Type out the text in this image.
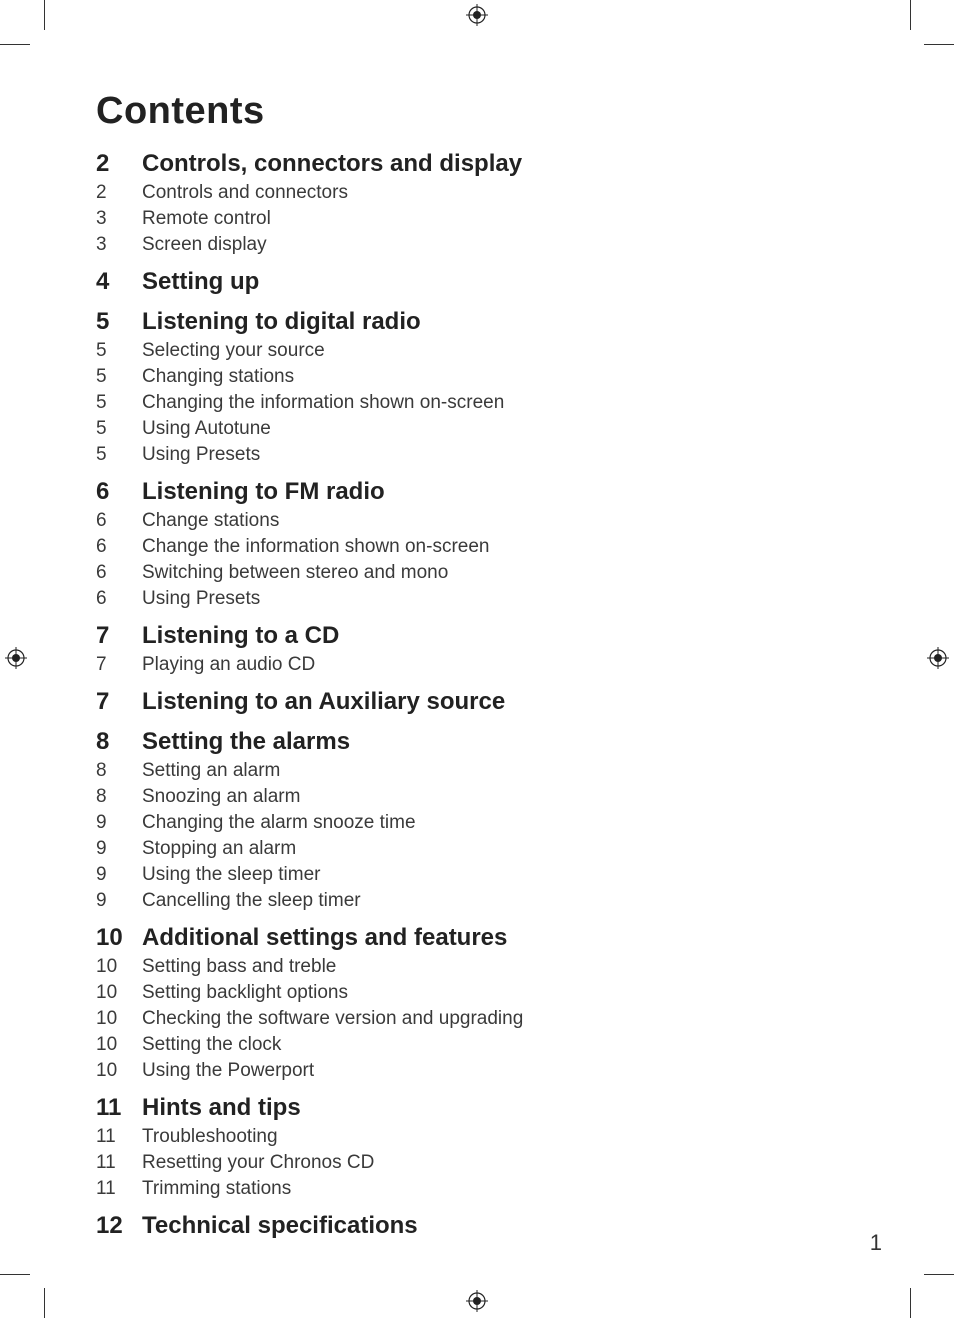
Contents
2	Controls, connectors and display
2	Controls and connectors
3	Remote control
3	Screen display
4	Setting up
5	Listening to digital radio
5	Selecting your source
5	Changing stations
5	Changing the information shown on-screen
5	Using Autotune
5	Using Presets
6	Listening to FM radio
6	Change stations
6	Change the information shown on-screen
6	Switching between stereo and mono
6	Using Presets
7	Listening to a CD
7	Playing an audio CD
7	Listening to an Auxiliary source
8	Setting the alarms
8	Setting an alarm
8	Snoozing an alarm
9	Changing the alarm snooze time
9	Stopping an alarm
9	Using the sleep timer
9	Cancelling the sleep timer
10 Additional settings and features
10	Setting bass and treble
10	Setting backlight options
10	Checking the software version and upgrading
10	Setting the clock
10	Using the Powerport
11 Hints and tips
11	Troubleshooting
11	Resetting your Chronos CD
11	Trimming stations
12 Technical specifications
1
